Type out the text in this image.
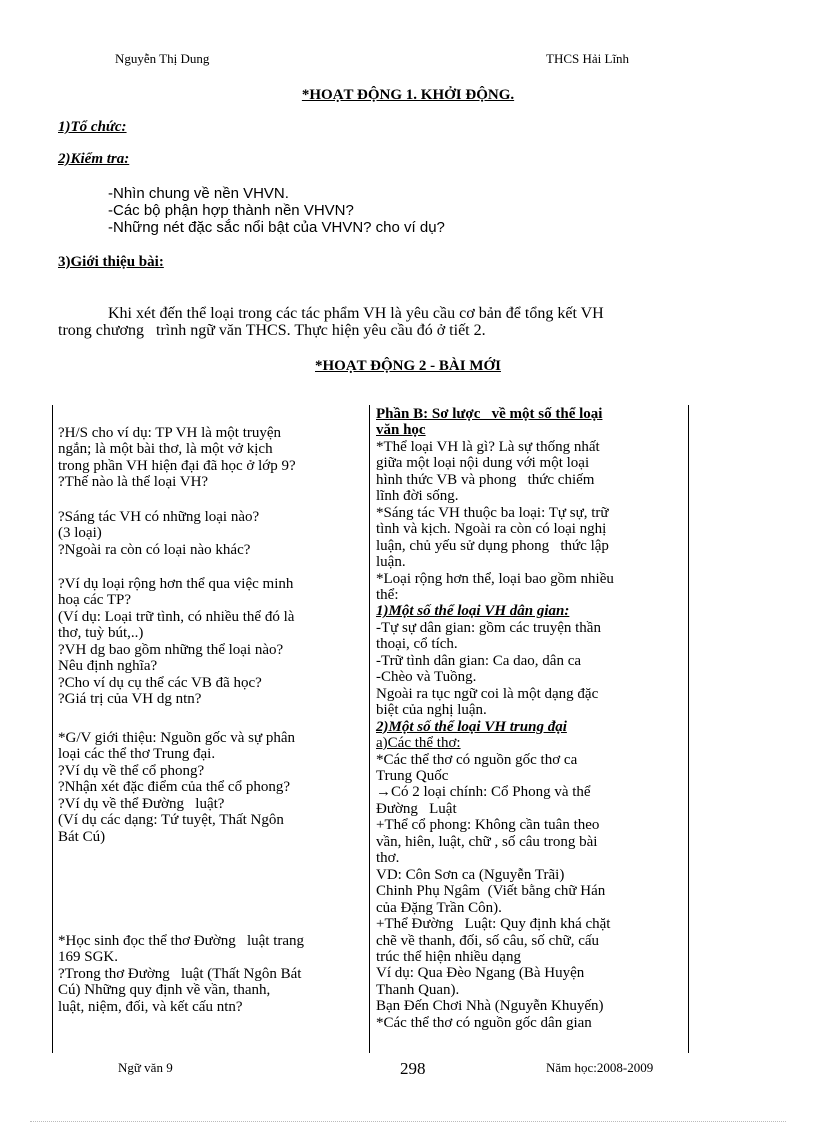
Nguyễn Thị Dung	THCS Hải Lĩnh
*HOẠT ĐỘNG 1. KHỞI ĐỘNG.
1)Tổ chức:
2)Kiểm tra:
-Nhìn chung về nền VHVN.
-Các bộ phận hợp thành nền VHVN?
-Những nét đặc sắc nổi bật của VHVN? cho ví dụ?
3)Giới thiệu bài:
Khi xét đến thể loại trong các tác phẩm VH là yêu cầu cơ bản để tổng kết VH
trong chương   trình ngữ văn THCS. Thực hiện yêu cầu đó ở tiết 2.
*HOẠT ĐỘNG 2 - BÀI MỚI
?H/S cho ví dụ: TP VH là một truyện
ngắn; là một bài thơ, là một vở kịch
trong phần VH hiện đại đã học ở lớp 9?
?Thế nào là thể loại VH?
?Sáng tác VH có những loại nào?
(3 loại)
?Ngoài ra còn có loại nào khác?
?Ví dụ loại rộng hơn thể qua việc minh
hoạ các TP?
(Ví dụ: Loại trữ tình, có nhiều thể đó là
thơ, tuỳ bút,..)
?VH dg bao gồm những thể loại nào?
Nêu định nghĩa?
?Cho ví dụ cụ thể các VB đã học?
?Giá trị của VH dg ntn?
*G/V giới thiệu: Nguồn gốc và sự phân
loại các thể thơ Trung đại.
?Ví dụ về thể cổ phong?
?Nhận xét đặc điểm của thể cổ phong?
?Ví dụ về thể Đường   luật?
(Ví dụ các dạng: Tứ tuyệt, Thất Ngôn
Bát Cú)
*Học sinh đọc thể thơ Đường   luật trang
169 SGK.
?Trong thơ Đường   luật (Thất Ngôn Bát
Cú) Những quy định về vần, thanh,
luật, niệm, đối, và kết cấu ntn?
Phần B: Sơ lược   về một số thể loại
văn học
*Thể loại VH là gì? Là sự thống nhất
giữa một loại nội dung với một loại
hình thức VB và phong   thức chiếm
lĩnh đời sống.
*Sáng tác VH thuộc ba loại: Tự sự, trữ
tình và kịch. Ngoài ra còn có loại nghị
luận, chủ yếu sử dụng phong   thức lập
luận.
*Loại rộng hơn thể, loại bao gồm nhiều
thể:
1)Một số thể loại VH dân gian:
-Tự sự dân gian: gồm các truyện thần
thoại, cổ tích.
-Trữ tình dân gian: Ca dao, dân ca
-Chèo và Tuồng.
Ngoài ra tục ngữ coi là một dạng đặc
biệt của nghị luận.
2)Một số thể loại VH trung đại
a)Các thể thơ:
*Các thể thơ có nguồn gốc thơ ca
Trung Quốc
→Có 2 loại chính: Cổ Phong và thể
Đường   Luật
+Thể cổ phong: Không cần tuân theo
vần, hiên, luật, chữ , số câu trong bài
thơ.
VD: Côn Sơn ca (Nguyễn Trãi)
Chinh Phụ Ngâm  (Viết bằng chữ Hán
của Đặng Trần Côn).
+Thể Đường   Luật: Quy định khá chặt
chẽ về thanh, đối, số câu, số chữ, cấu
trúc thể hiện nhiều dạng
Ví dụ: Qua Đèo Ngang (Bà Huyện
Thanh Quan).
Bạn Đến Chơi Nhà (Nguyễn Khuyến)
*Các thể thơ có nguồn gốc dân gian
Ngữ văn 9	298	Năm học:2008-2009
